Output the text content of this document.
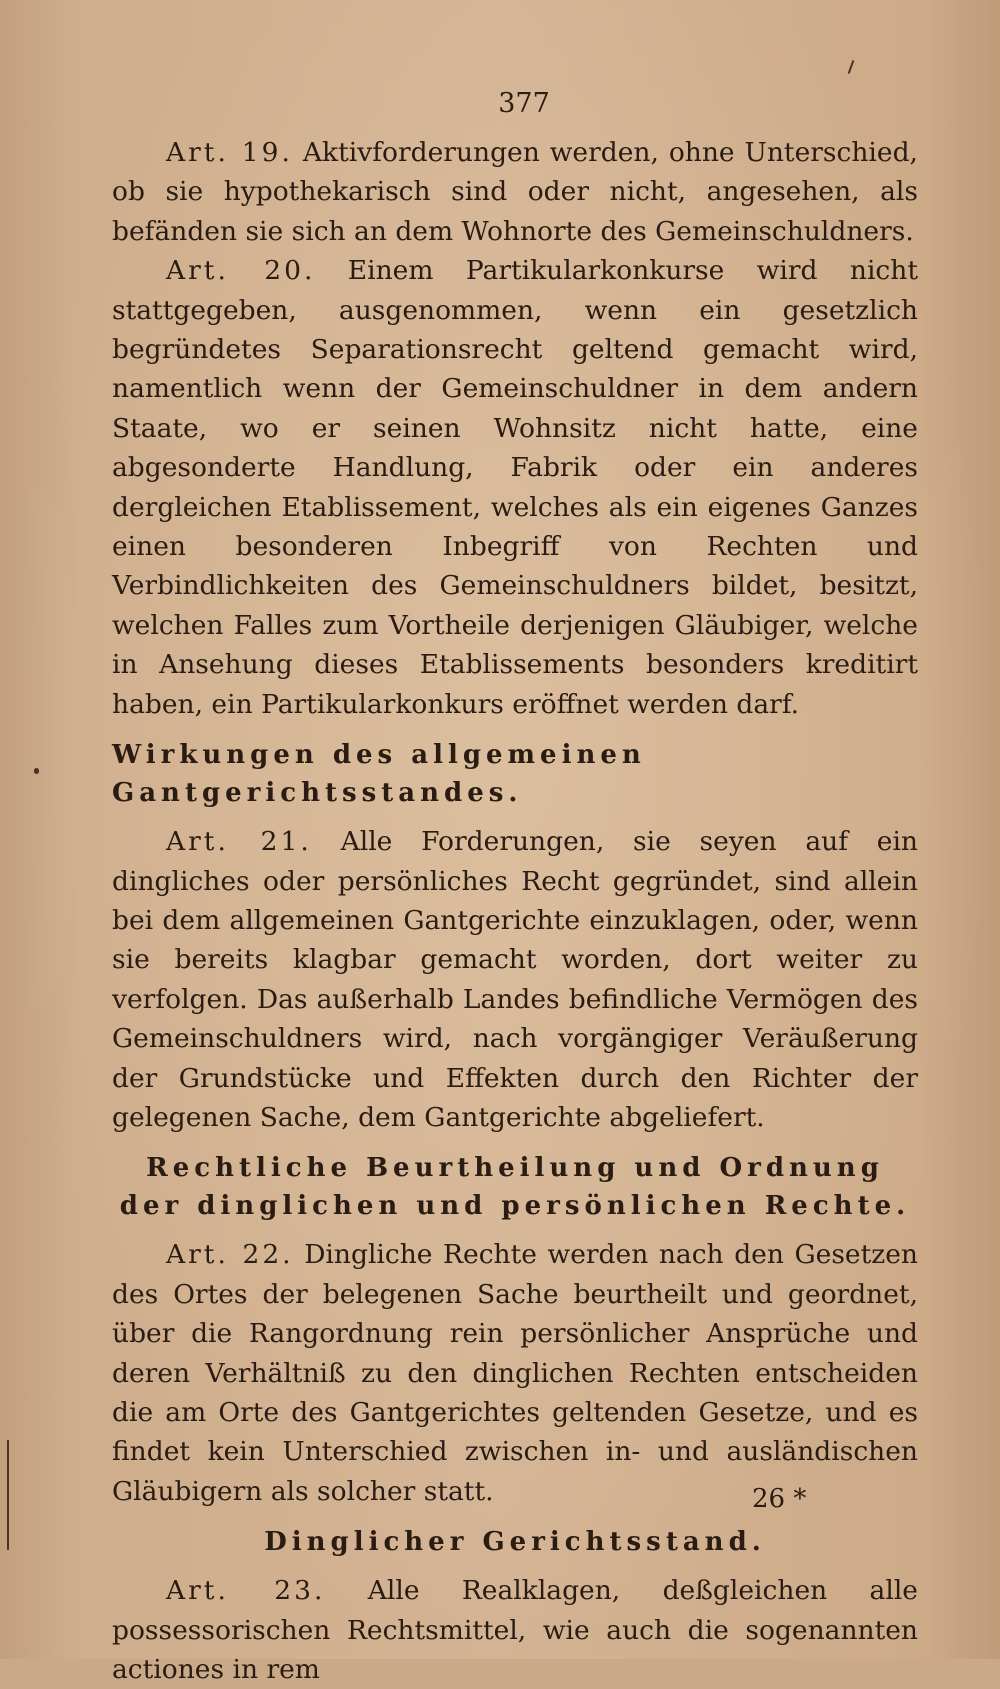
377

Art. 19. Aktivforderungen werden, ohne Unterschied, ob sie hypothekarisch sind oder nicht, angesehen, als befänden sie sich an dem Wohnorte des Gemeinschuldners.

Art. 20. Einem Partikularkonkurse wird nicht stattgegeben, ausgenommen, wenn ein gesetzlich begründetes Separationsrecht geltend gemacht wird, namentlich wenn der Gemeinschuldner in dem andern Staate, wo er seinen Wohnsitz nicht hatte, eine abgesonderte Handlung, Fabrik oder ein anderes dergleichen Etablissement, welches als ein eigenes Ganzes einen besonderen Inbegriff von Rechten und Verbindlichkeiten des Gemeinschuldners bildet, besitzt, welchen Falles zum Vortheile derjenigen Gläubiger, welche in Ansehung dieses Etablissements besonders kreditirt haben, ein Partikularkonkurs eröffnet werden darf.

Wirkungen des allgemeinen Gantgerichtsstandes.

Art. 21. Alle Forderungen, sie seyen auf ein dingliches oder persönliches Recht gegründet, sind allein bei dem allgemeinen Gantgerichte einzuklagen, oder, wenn sie bereits klagbar gemacht worden, dort weiter zu verfolgen. Das außerhalb Landes befindliche Vermögen des Gemeinschuldners wird, nach vorgängiger Veräußerung der Grundstücke und Effekten durch den Richter der gelegenen Sache, dem Gantgerichte abgeliefert.

Rechtliche Beurtheilung und Ordnung der dinglichen und persönlichen Rechte.

Art. 22. Dingliche Rechte werden nach den Gesetzen des Ortes der belegenen Sache beurtheilt und geordnet, über die Rangordnung rein persönlicher Ansprüche und deren Verhältniß zu den dinglichen Rechten entscheiden die am Orte des Gantgerichtes geltenden Gesetze, und es findet kein Unterschied zwischen in- und ausländischen Gläubigern als solcher statt.

Dinglicher Gerichtsstand.

Art. 23. Alle Realklagen, deßgleichen alle possessorischen Rechtsmittel, wie auch die sogenannten actiones in rem

26 *
